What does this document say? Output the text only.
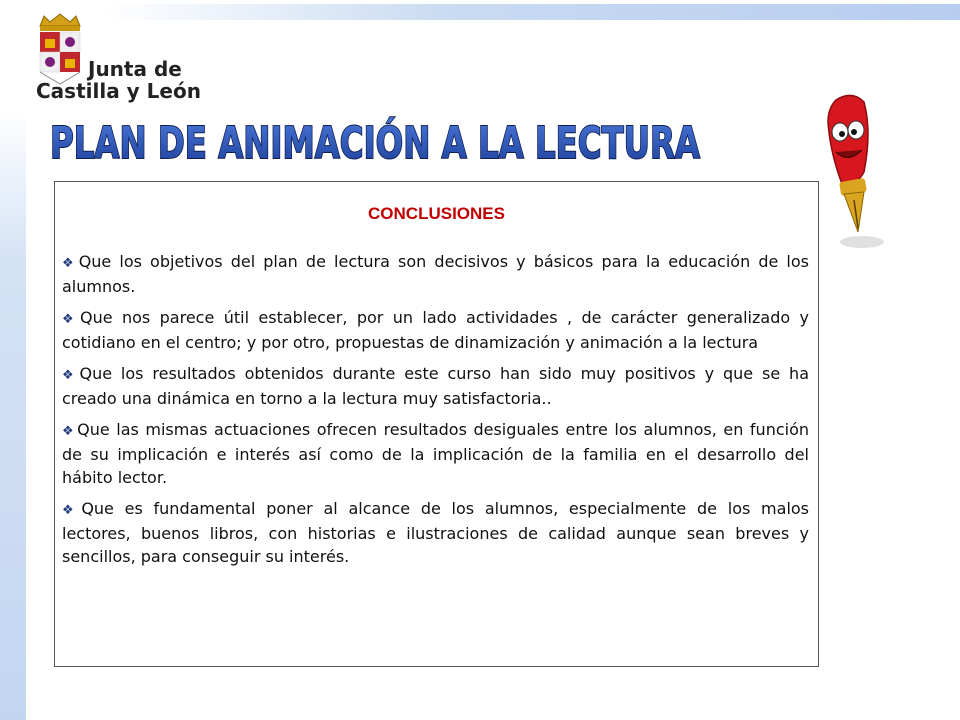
Junta de
Castilla y León
PLAN DE ANIMACIÓN A LA LECTURA
CONCLUSIONES
❖ Que los objetivos del plan de lectura son decisivos y básicos para la educación de los alumnos.
❖ Que nos parece útil establecer, por un lado actividades , de carácter generalizado y cotidiano en el centro; y por otro, propuestas de dinamización y animación a la lectura
❖ Que los resultados obtenidos durante este curso han sido muy positivos y que se ha creado una dinámica en torno a la lectura muy satisfactoria..
❖ Que las mismas actuaciones ofrecen resultados desiguales entre los alumnos, en función de su implicación e interés así como de la implicación de la familia en el desarrollo del hábito lector.
❖ Que es fundamental poner al alcance de los alumnos, especialmente de los malos lectores, buenos libros, con historias e ilustraciones de calidad aunque sean breves y sencillos, para conseguir su interés.
